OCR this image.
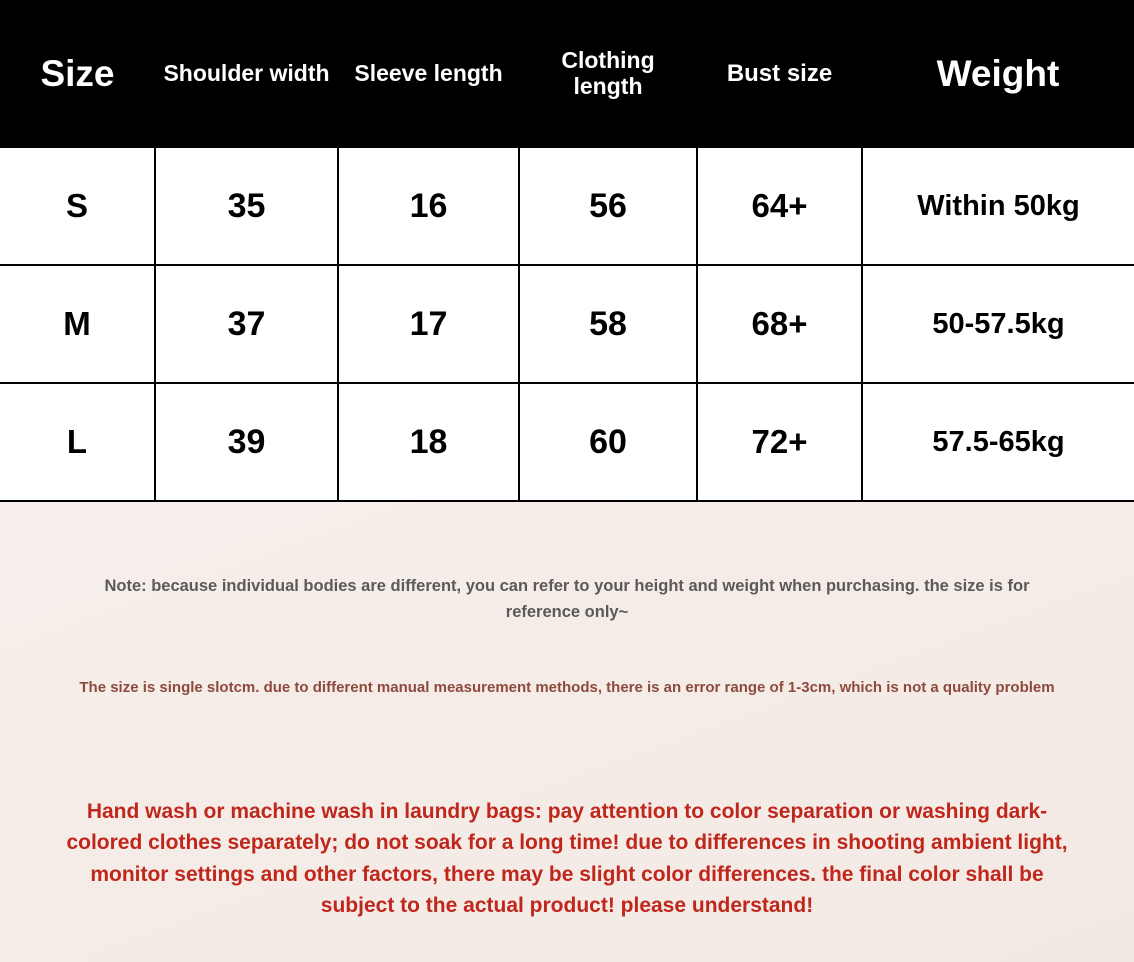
Size	Shoulder width	Sleeve length	Clothing length	Bust size	Weight
S	35	16	56	64+	Within 50kg
M	37	17	58	68+	50-57.5kg
L	39	18	60	72+	57.5-65kg

Note: because individual bodies are different, you can refer to your height and weight when purchasing. the size is for reference only~

The size is single slotcm. due to different manual measurement methods, there is an error range of 1-3cm, which is not a quality problem

Hand wash or machine wash in laundry bags: pay attention to color separation or washing dark-colored clothes separately; do not soak for a long time! due to differences in shooting ambient light, monitor settings and other factors, there may be slight color differences. the final color shall be subject to the actual product! please understand!
